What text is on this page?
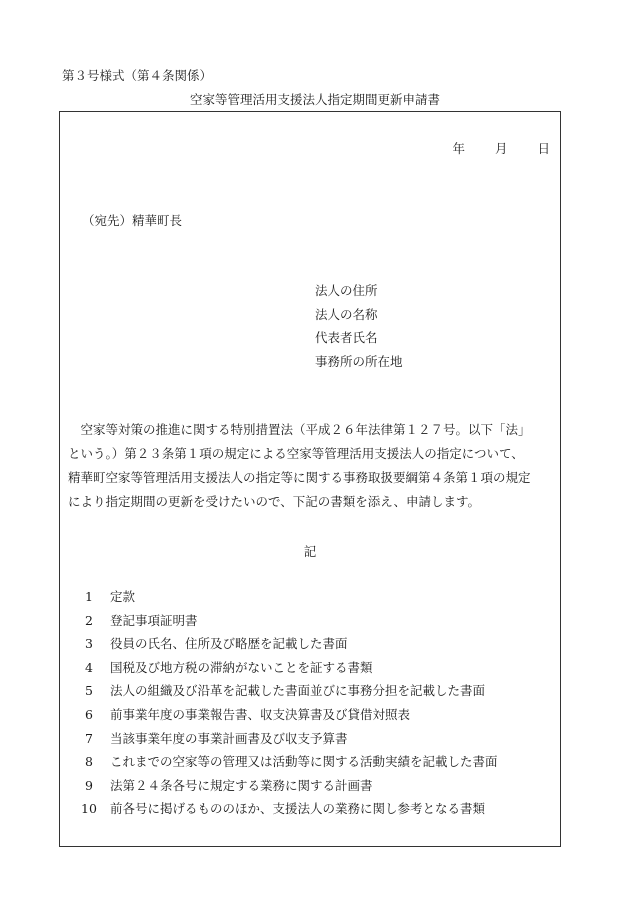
第３号様式（第４条関係）
空家等管理活用支援法人指定期間更新申請書
年 月 日
（宛先）精華町長
法人の住所
法人の名称
代表者氏名
事務所の所在地
　空家等対策の推進に関する特別措置法（平成２６年法律第１２７号。以下「法」
という。）第２３条第１項の規定による空家等管理活用支援法人の指定について、
精華町空家等管理活用支援法人の指定等に関する事務取扱要綱第４条第１項の規定
により指定期間の更新を受けたいので、下記の書類を添え、申請します。
記
1	定款
2	登記事項証明書
3	役員の氏名、住所及び略歴を記載した書面
4	国税及び地方税の滞納がないことを証する書類
5	法人の組織及び沿革を記載した書面並びに事務分担を記載した書面
6	前事業年度の事業報告書、収支決算書及び貸借対照表
7	当該事業年度の事業計画書及び収支予算書
8	これまでの空家等の管理又は活動等に関する活動実績を記載した書面
9	法第２４条各号に規定する業務に関する計画書
10 前各号に掲げるもののほか、支援法人の業務に関し参考となる書類
